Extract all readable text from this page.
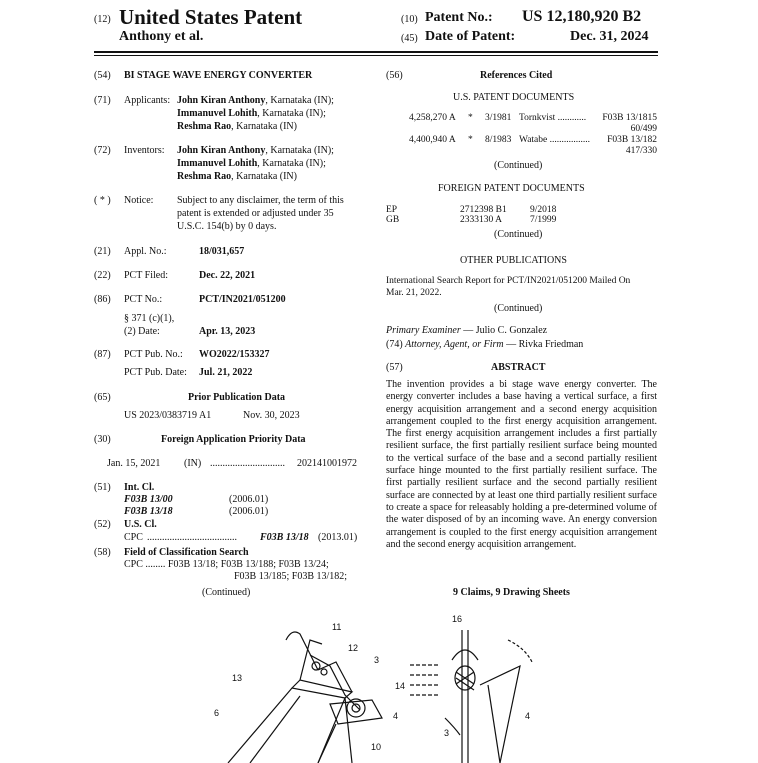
(12) United States Patent
Anthony et al.
(10) Patent No.: US 12,180,920 B2
(45) Date of Patent:	Dec. 31, 2024
(54) BI STAGE WAVE ENERGY CONVERTER
(71) Applicants: John Kiran Anthony, Karnataka (IN);
Immanuvel Lohith, Karnataka (IN);
Reshma Rao, Karnataka (IN)
(72) Inventors: John Kiran Anthony, Karnataka (IN);
Immanuvel Lohith, Karnataka (IN);
Reshma Rao, Karnataka (IN)
( * ) Notice: Subject to any disclaimer, the term of this
patent is extended or adjusted under 35
U.S.C. 154(b) by 0 days.
(21) Appl. No.:	18/031,657
(22) PCT Filed:	Dec. 22, 2021
(86) PCT No.:	PCT/IN2021/051200
§ 371 (c)(1),
(2) Date:	Apr. 13, 2023
(87) PCT Pub. No.: WO2022/153327
PCT Pub. Date: Jul. 21, 2022
(65)	Prior Publication Data
US 2023/0383719 A1	Nov. 30, 2023
(30)	Foreign Application Priority Data
Jan. 15, 2021 (IN) .............................. 202141001972
(51) Int. Cl.
F03B 13/00	(2006.01)
F03B 13/18	(2006.01)
(52) U.S. Cl.
CPC .................................... F03B 13/18 (2013.01)
(58) Field of Classification Search
CPC ........ F03B 13/18; F03B 13/188; F03B 13/24;
F03B 13/185; F03B 13/182;
(Continued)
(56)	References Cited
U.S. PATENT DOCUMENTS
4,258,270 A * 3/1981 Tornkvist ............ F03B 13/1815
60/499
4,400,940 A * 8/1983 Watabe ................. F03B 13/182
417/330
(Continued)
FOREIGN PATENT DOCUMENTS
EP	2712398 B1 9/2018
GB	2333130 A	7/1999
(Continued)
OTHER PUBLICATIONS
International Search Report for PCT/IN2021/051200 Mailed On
Mar. 21, 2022.
(Continued)
Primary Examiner — Julio C. Gonzalez
(74) Attorney, Agent, or Firm — Rivka Friedman
(57)	ABSTRACT
The invention provides a bi stage wave energy converter. The energy converter includes a base having a vertical surface, a first energy acquisition arrangement and a second energy acquisition arrangement coupled to the first energy acquisition arrangement. The first energy acquisition arrangement includes a first partially resilient surface, the first partially resilient surface being mounted to the vertical surface of the base and a second partially resilient surface hinge mounted to the first partially resilient surface. The first partially resilient surface and the second partially resilient surface are connected by at least one third partially resilient surface to create a space for releasably holding a pre-determined volume of the water disposed of by an incoming wave. An energy conversion arrangement is coupled to the first energy acquisition arrangement and the second energy acquisition arrangement.
9 Claims, 9 Drawing Sheets
11
12
3
13
14
6	4
10
16
4
3
